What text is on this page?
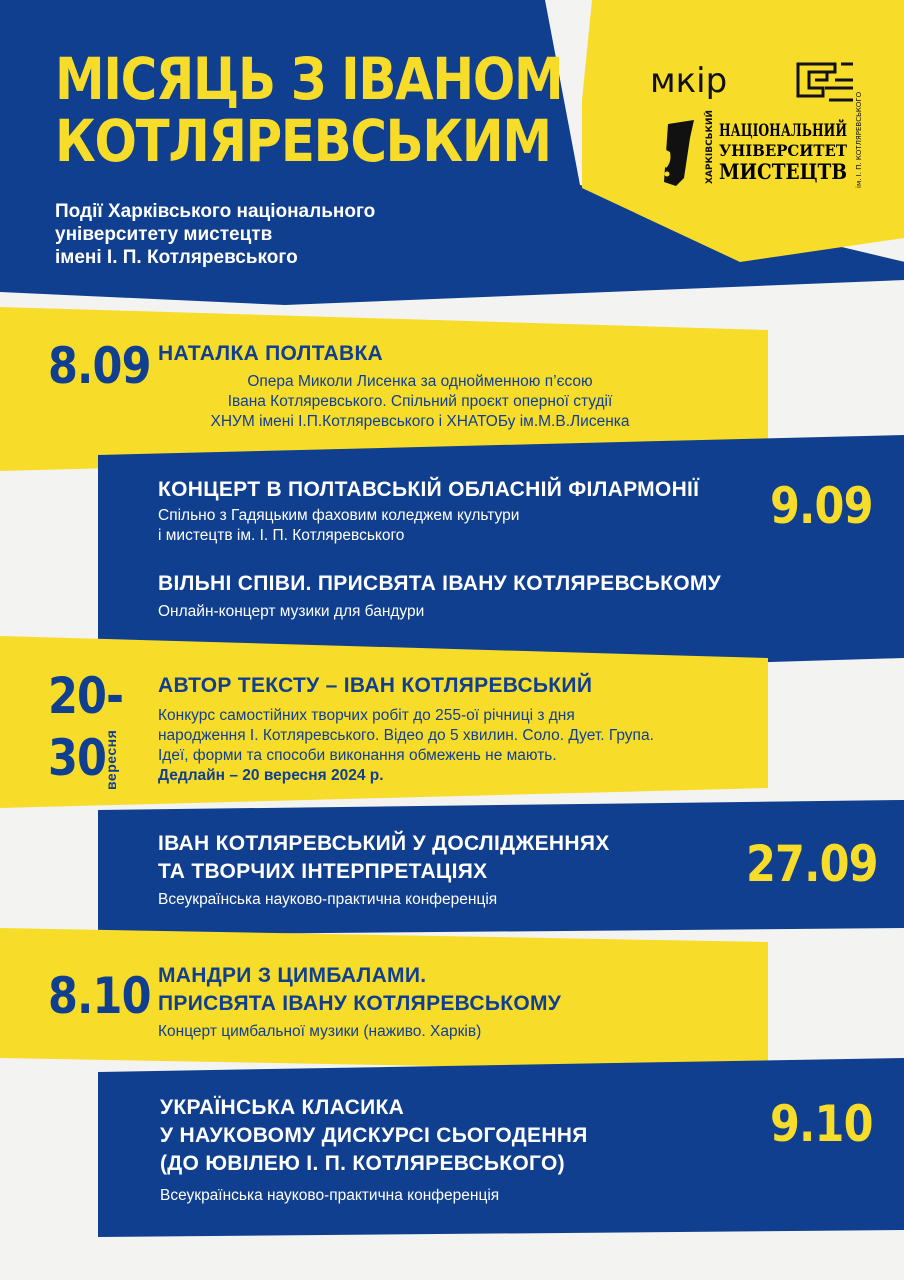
МІСЯЦЬ З ІВАНОМ
КОТЛЯРЕВСЬКИМ
Події Харківського національного
університету мистецтв
імені І. П. Котляревського
мкір
ХАРКІВСЬКИЙ НАЦІОНАЛЬНИЙ
УНІВЕРСИТЕТ
МИСТЕЦТВ ім. І. П. КОТЛЯРЕВСЬКОГО
8.09 НАТАЛКА ПОЛТАВКА
Опера Миколи Лисенка за однойменною п’єсою
Івана Котляревського. Спільний проєкт оперної студії
ХНУМ імені І.П.Котляревського і ХНАТОБу ім.М.В.Лисенка
9.09
КОНЦЕРТ В ПОЛТАВСЬКІЙ ОБЛАСНІЙ ФІЛАРМОНІЇ
Спільно з Гадяцьким фаховим коледжем культури
і мистецтв ім. І. П. Котляревського
ВІЛЬНІ СПІВИ. ПРИСВЯТА ІВАНУ КОТЛЯРЕВСЬКОМУ
Онлайн-концерт музики для бандури
20-
30
вересня
АВТОР ТЕКСТУ – ІВАН КОТЛЯРЕВСЬКИЙ
Конкурс самостійних творчих робіт до 255-ої річниці з дня
народження І. Котляревського. Відео до 5 хвилин. Соло. Дует. Група.
Ідеї, форми та способи виконання обмежень не мають.
Дедлайн – 20 вересня 2024 р.
27.09
ІВАН КОТЛЯРЕВСЬКИЙ У ДОСЛІДЖЕННЯХ
ТА ТВОРЧИХ ІНТЕРПРЕТАЦІЯХ
Всеукраїнська науково-практична конференція
8.10 МАНДРИ З ЦИМБАЛАМИ.
ПРИСВЯТА ІВАНУ КОТЛЯРЕВСЬКОМУ
Концерт цимбальної музики (наживо. Харків)
9.10
УКРАЇНСЬКА КЛАСИКА
У НАУКОВОМУ ДИСКУРСІ СЬОГОДЕННЯ
(ДО ЮВІЛЕЮ І. П. КОТЛЯРЕВСЬКОГО)
Всеукраїнська науково-практична конференція
